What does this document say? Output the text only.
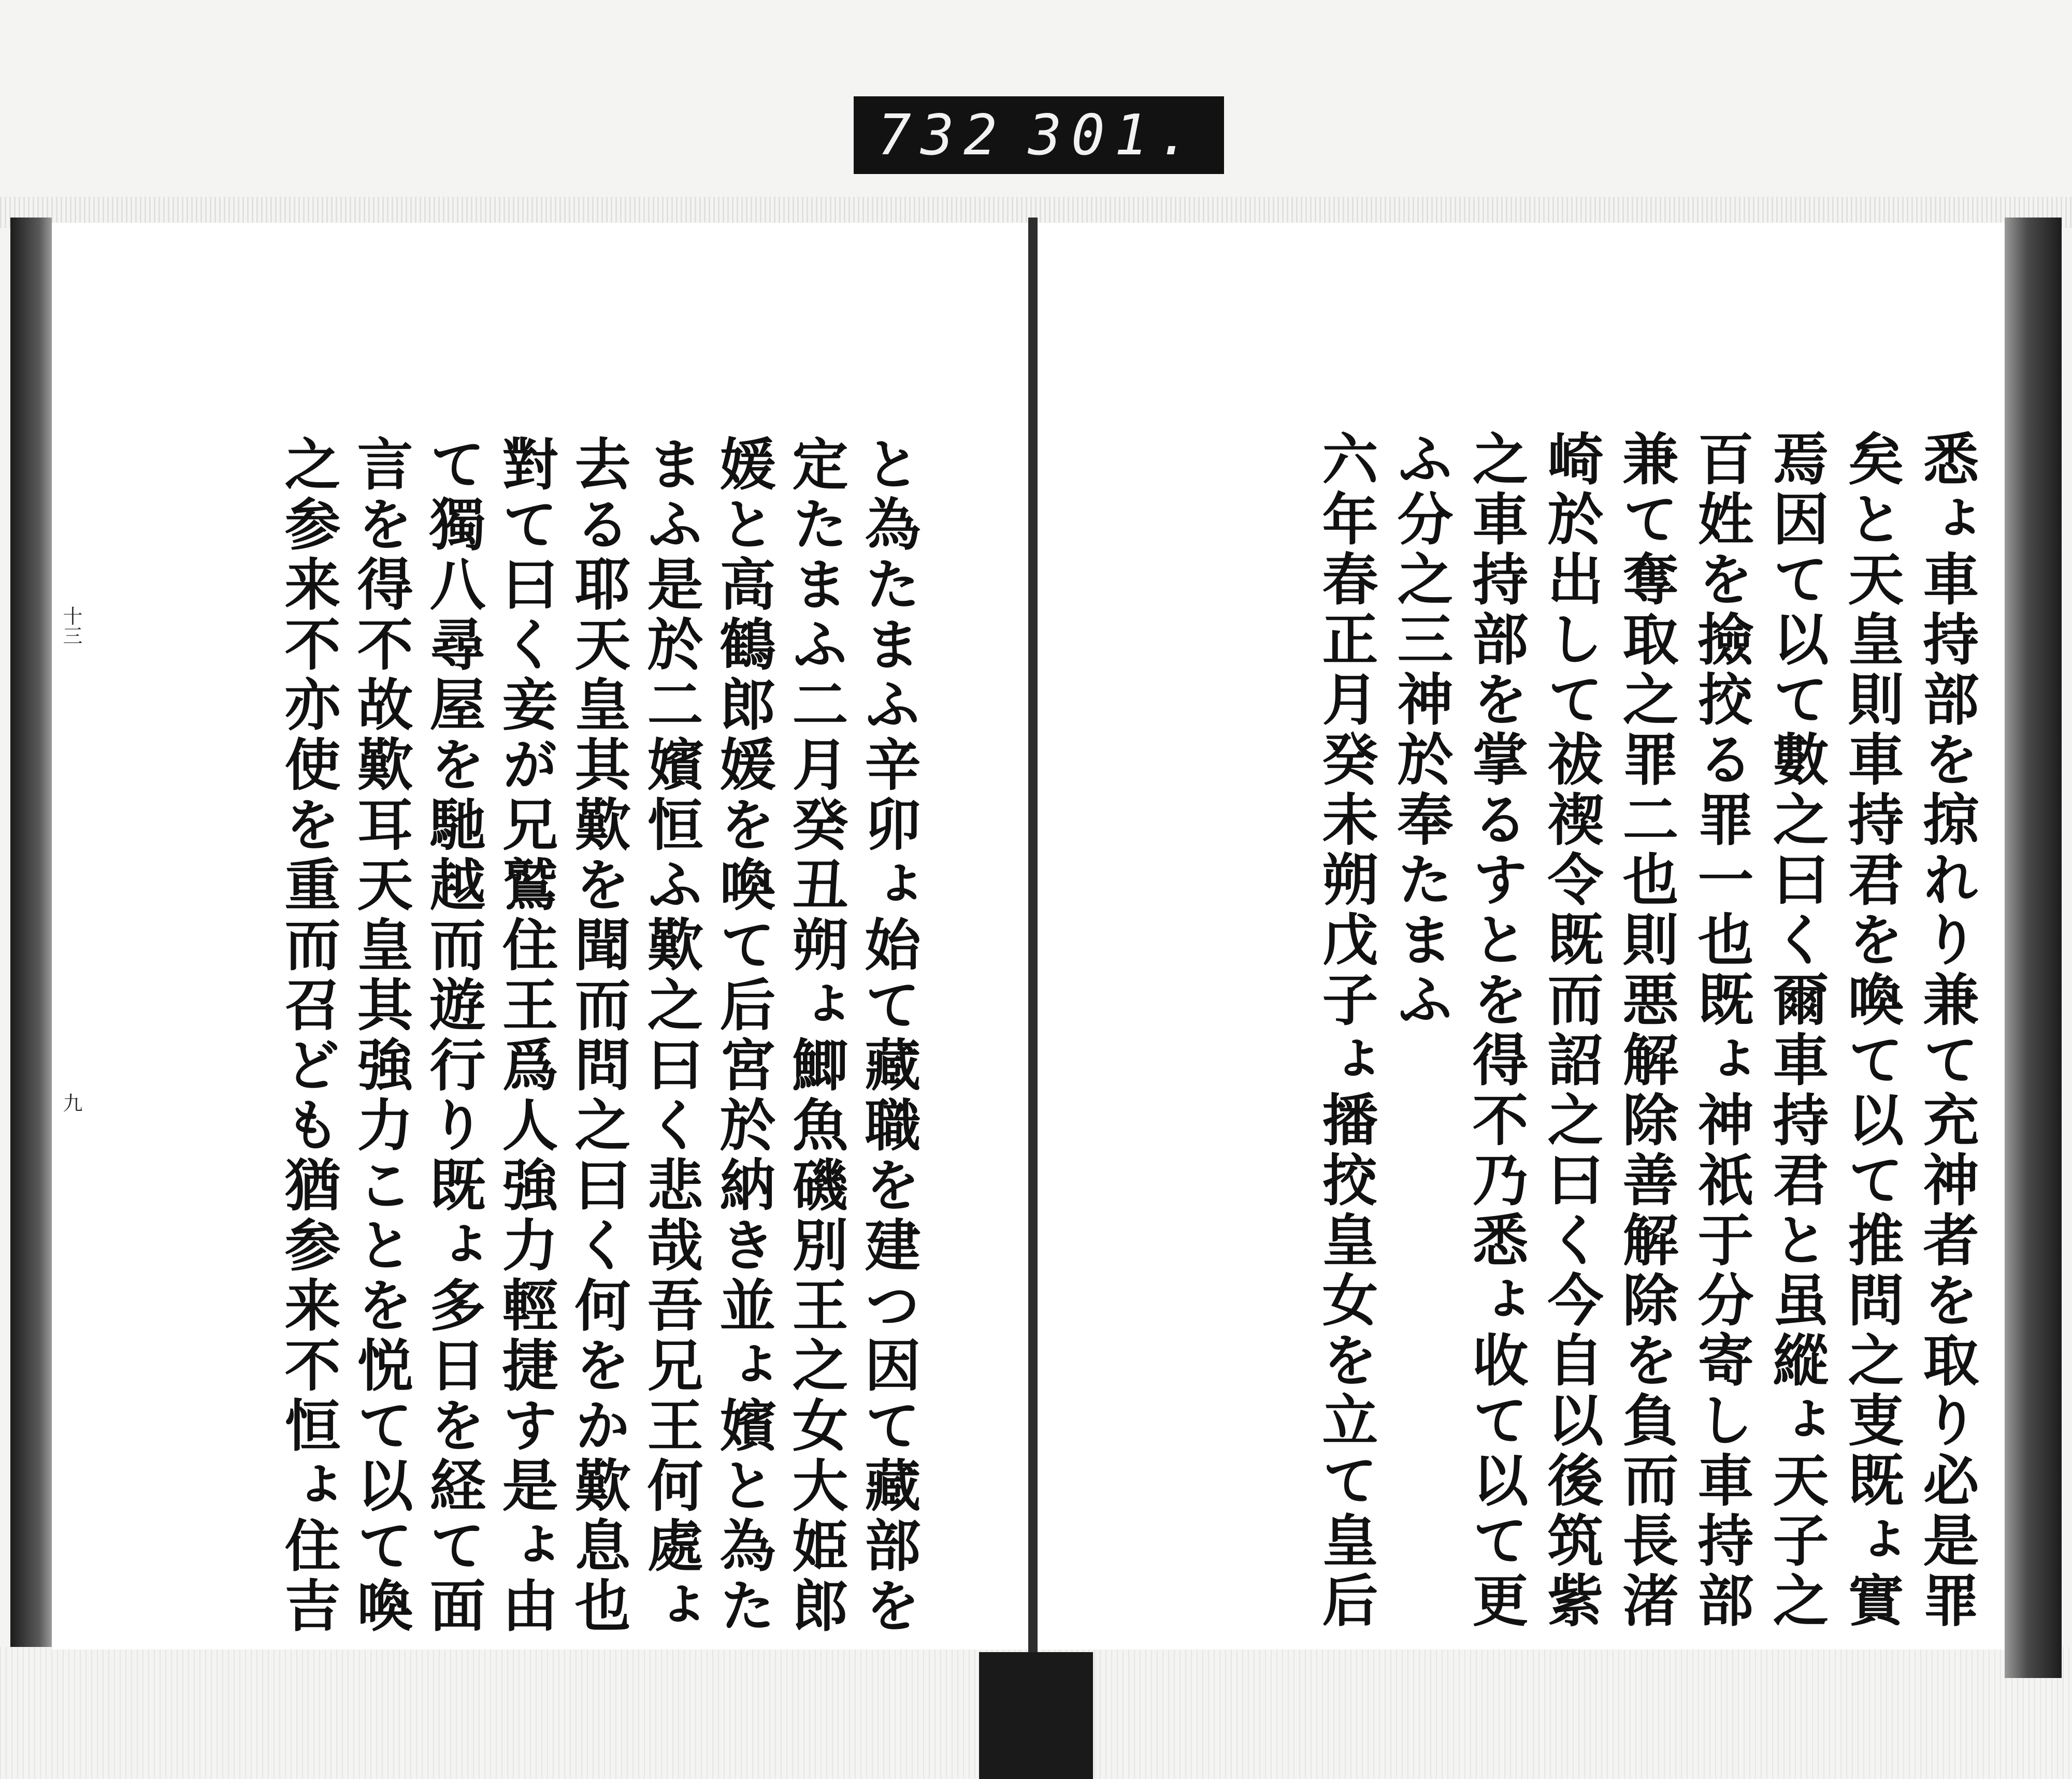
732 301.
と為たまふ辛卯ょ始て藏職を建つ因て藏部を
定たまふ二月癸丑朔ょ鯽魚磯別王之女大姫郎
媛と高鶴郎媛を喚て后宮於納き並ょ嬪と為た
まふ是於二嬪恒ふ歎之曰く悲哉吾兄王何處ょ
去る耶天皇其歎を聞而問之曰く何をか歎息也
對て曰く妾が兄鷲住王爲人強力輕捷す是ょ由
て獨八尋屋を馳越而遊行り既ょ多日を経て面
言を得不故歎耳天皇其強力ことを悦て以て喚
之参来不亦使を重而召ども猶参来不恒ょ住吉
十三
九	悉ょ車持部を掠れり兼て充神者を取り必是罪
矣と天皇則車持君を喚て以て推問之叓既ょ實
焉因て以て數之曰く爾車持君と虽縱ょ天子之
百姓を撿挍る罪一也既ょ神祇于分寄し車持部
兼て奪取之罪二也則悪解除善解除を負而長渚
崎於出して祓禊令既而詔之曰く今自以後筑紫
之車持部を掌るすとを得不乃悉ょ收て以て更
ふ分之三神於奉たまふ
六年春正月癸未朔戊子ょ播挍皇女を立て皇后
